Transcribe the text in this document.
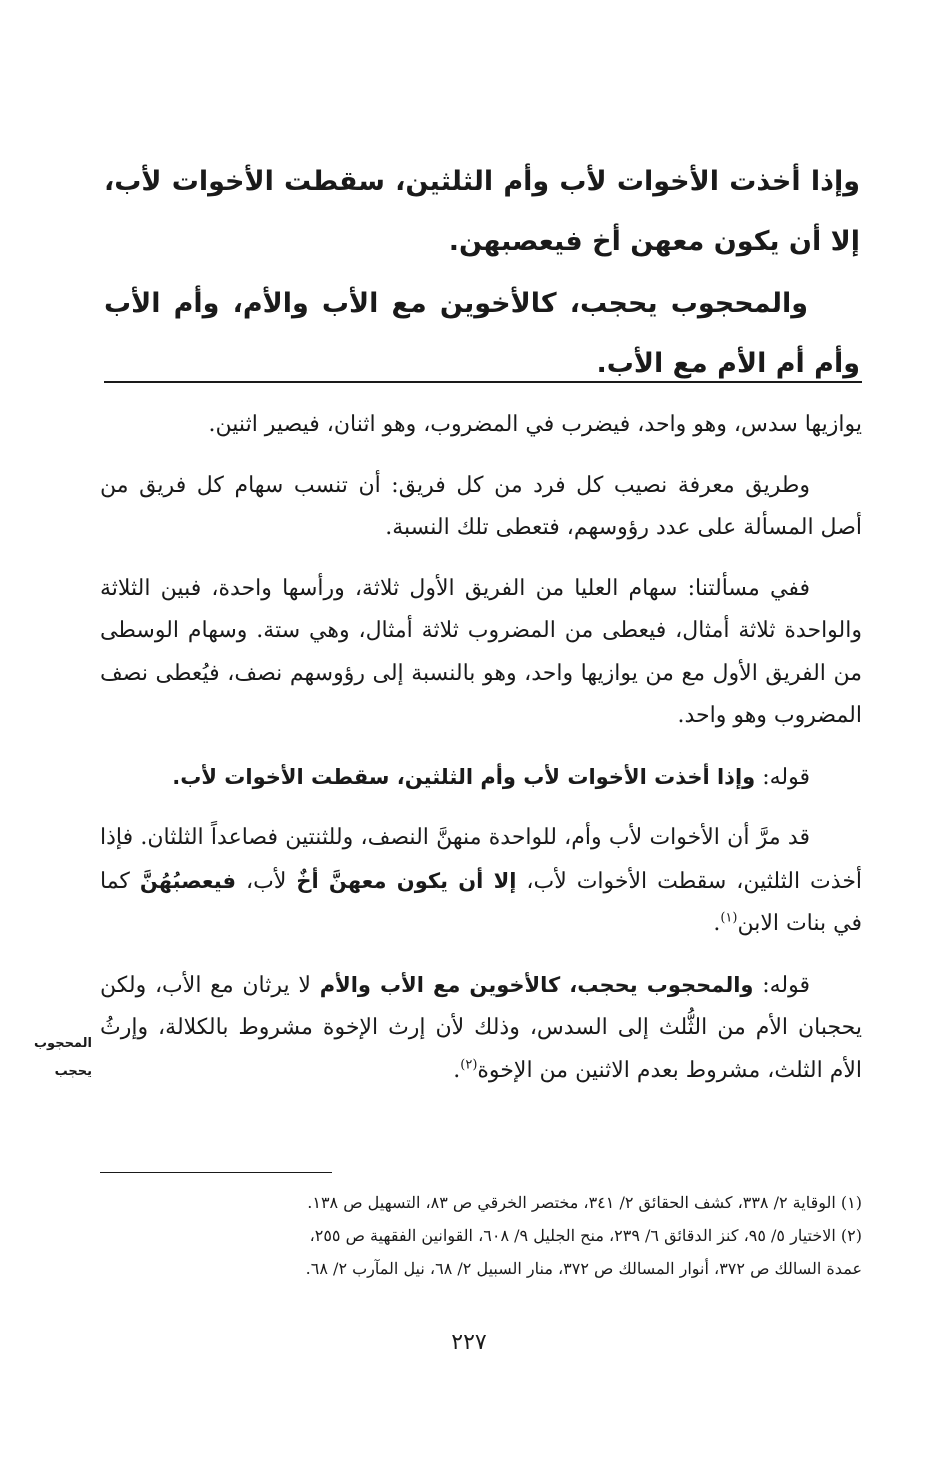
وإذا أخذت الأخوات لأب وأم الثلثين، سقطت الأخوات لأب، إلا أن يكون معهن أخ فيعصبهن.

والمحجوب يحجب، كالأخوين مع الأب والأم، وأم الأب وأم أم الأم مع الأب.

يوازيها سدس، وهو واحد، فيضرب في المضروب، وهو اثنان، فيصير اثنين.

وطريق معرفة نصيب كل فرد من كل فريق: أن تنسب سهام كل فريق من أصل المسألة على عدد رؤوسهم، فتعطى تلك النسبة.

ففي مسألتنا: سهام العليا من الفريق الأول ثلاثة، ورأسها واحدة، فبين الثلاثة والواحدة ثلاثة أمثال، فيعطى من المضروب ثلاثة أمثال، وهي ستة. وسهام الوسطى من الفريق الأول مع من يوازيها واحد، وهو بالنسبة إلى رؤوسهم نصف، فيُعطى نصف المضروب وهو واحد.

قوله: وإذا أخذت الأخوات لأب وأم الثلثين، سقطت الأخوات لأب.

قد مرَّ أن الأخوات لأب وأم، للواحدة منهنَّ النصف، وللثنتين فصاعداً الثلثان. فإذا أخذت الثلثين، سقطت الأخوات لأب، إلا أن يكون معهنَّ أخٌ لأب، فيعصبُهُنَّ كما في بنات الابن$^{(١)}$.

قوله: والمحجوب يحجب، كالأخوين مع الأب والأم لا يرثان مع الأب، ولكن يحجبان الأم من الثُّلث إلى السدس، وذلك لأن إرث الإخوة مشروط بالكلالة، وإرثُ الأم الثلث، مشروط بعدم الاثنين من الإخوة$^{(٢)}$.

المحجوب
يحجب

(١) الوقاية ٢/ ٣٣٨، كشف الحقائق ٢/ ٣٤١، مختصر الخرقي ص ٨٣، التسهيل ص ١٣٨.

(٢) الاختيار ٥/ ٩٥، كنز الدقائق ٦/ ٢٣٩، منح الجليل ٩/ ٦٠٨، القوانين الفقهية ص ٢٥٥،

عمدة السالك ص ٣٧٢، أنوار المسالك ص ٣٧٢، منار السبيل ٢/ ٦٨، نيل المآرب ٢/ ٦٨.

٢٢٧
